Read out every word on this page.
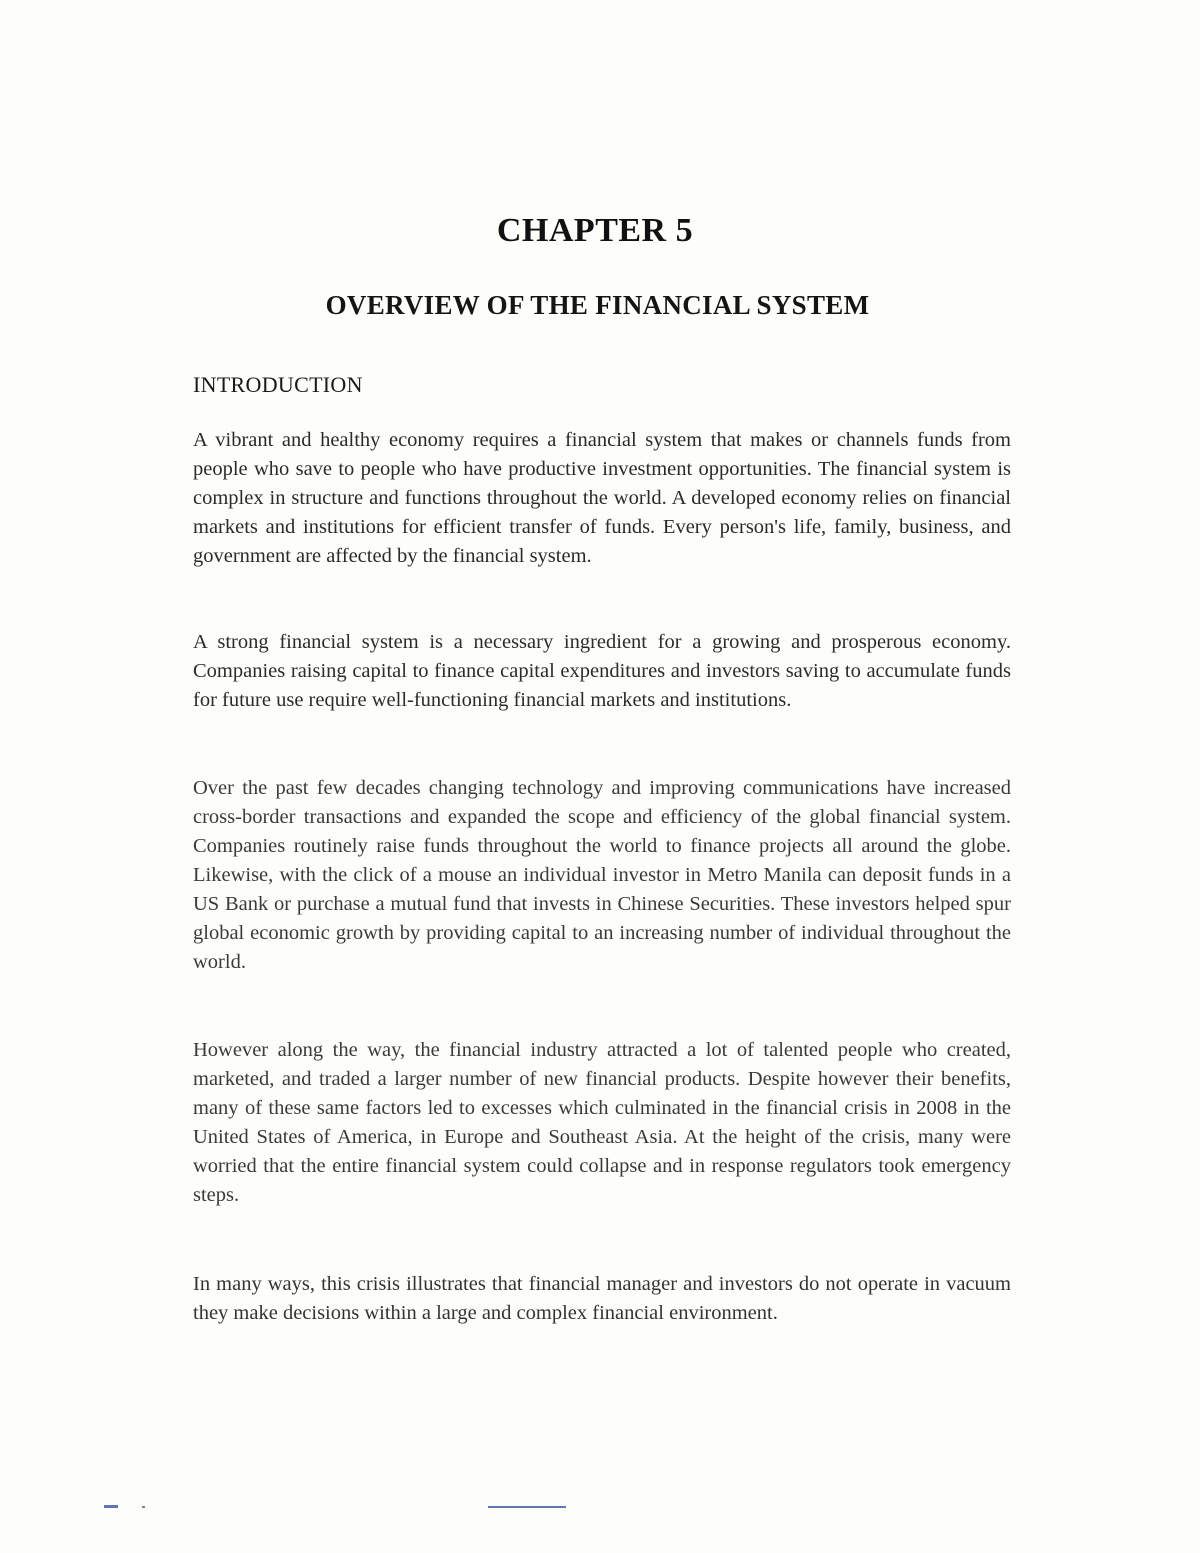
CHAPTER 5
OVERVIEW OF THE FINANCIAL SYSTEM
INTRODUCTION

A vibrant and healthy economy requires a financial system that makes or channels funds from people who save to people who have productive investment opportunities. The financial system is complex in structure and functions throughout the world. A developed economy relies on financial markets and institutions for efficient transfer of funds. Every person's life, family, business, and government are affected by the financial system.

A strong financial system is a necessary ingredient for a growing and prosperous economy. Companies raising capital to finance capital expenditures and investors saving to accumulate funds for future use require well-functioning financial markets and institutions.

Over the past few decades changing technology and improving communications have increased cross-border transactions and expanded the scope and efficiency of the global financial system. Companies routinely raise funds throughout the world to finance projects all around the globe. Likewise, with the click of a mouse an individual investor in Metro Manila can deposit funds in a US Bank or purchase a mutual fund that invests in Chinese Securities. These investors helped spur global economic growth by providing capital to an increasing number of individual throughout the world.

However along the way, the financial industry attracted a lot of talented people who created, marketed, and traded a larger number of new financial products. Despite however their benefits, many of these same factors led to excesses which culminated in the financial crisis in 2008 in the United States of America, in Europe and Southeast Asia. At the height of the crisis, many were worried that the entire financial system could collapse and in response regulators took emergency steps.

In many ways, this crisis illustrates that financial manager and investors do not operate in vacuum they make decisions within a large and complex financial environment.
